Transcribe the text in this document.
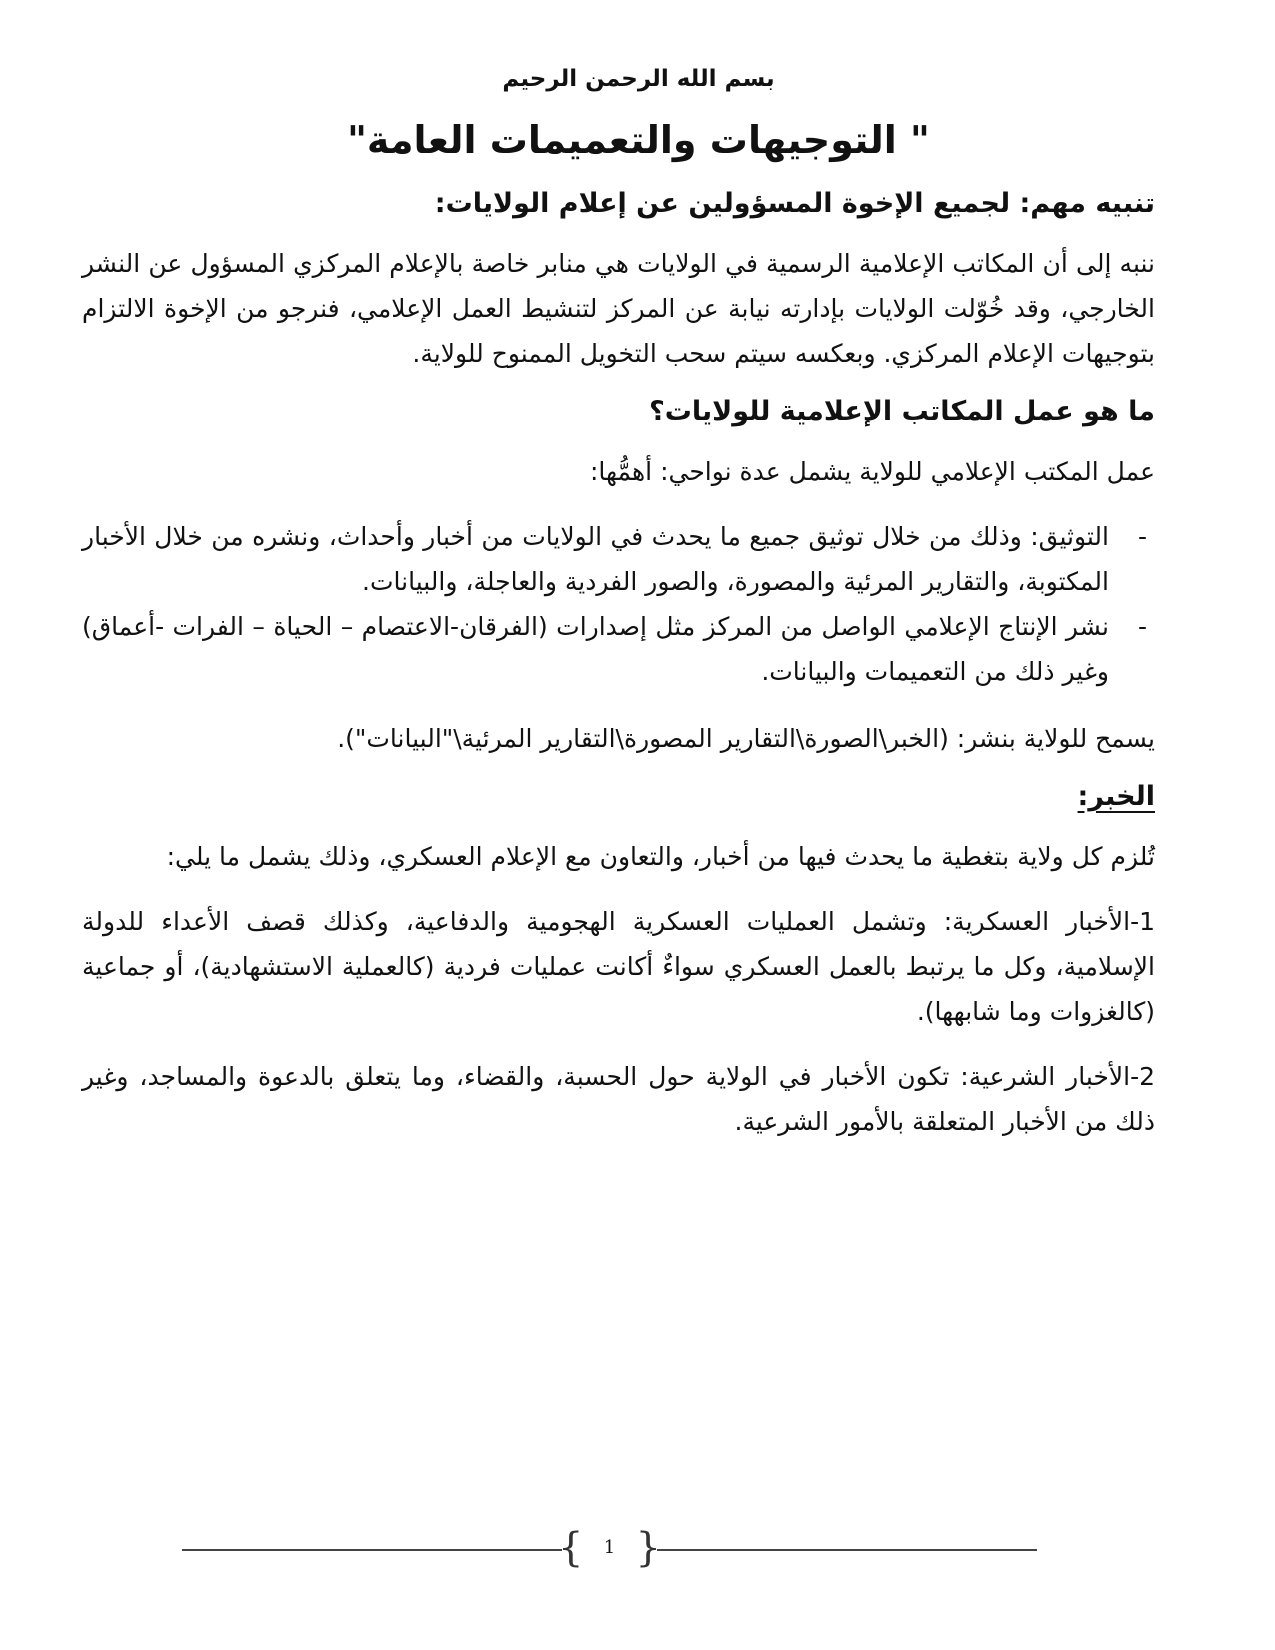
بسم الله الرحمن الرحيم
" التوجيهات والتعميمات العامة"
تنبيه مهم: لجميع الإخوة المسؤولين عن إعلام الولايات:

ننبه إلى أن المكاتب الإعلامية الرسمية في الولايات هي منابر خاصة بالإعلام المركزي المسؤول عن النشر الخارجي، وقد خُوّلت الولايات بإدارته نيابة عن المركز لتنشيط العمل الإعلامي، فنرجو من الإخوة الالتزام بتوجيهات الإعلام المركزي. وبعكسه سيتم سحب التخويل الممنوح للولاية.

ما هو عمل المكاتب الإعلامية للولايات؟

عمل المكتب الإعلامي للولاية يشمل عدة نواحي: أهمُّها:

-
التوثيق: وذلك من خلال توثيق جميع ما يحدث في الولايات من أخبار وأحداث، ونشره من خلال الأخبار المكتوبة، والتقارير المرئية والمصورة، والصور الفردية والعاجلة، والبيانات.
-
نشر الإنتاج الإعلامي الواصل من المركز مثل إصدارات (الفرقان-الاعتصام – الحياة – الفرات -أعماق) وغير ذلك من التعميمات والبيانات.

يسمح للولاية بنشر: (الخبر\الصورة\التقارير المصورة\التقارير المرئية\"البيانات").

الخبر:

تُلزم كل ولاية بتغطية ما يحدث فيها من أخبار، والتعاون مع الإعلام العسكري، وذلك يشمل ما يلي:

1-الأخبار العسكرية: وتشمل العمليات العسكرية الهجومية والدفاعية، وكذلك قصف الأعداء للدولة الإسلامية، وكل ما يرتبط بالعمل العسكري سواءٌ أكانت عمليات فردية (كالعملية الاستشهادية)، أو جماعية (كالغزوات وما شابهها).

2-الأخبار الشرعية: تكون الأخبار في الولاية حول الحسبة، والقضاء، وما يتعلق بالدعوة والمساجد، وغير ذلك من الأخبار المتعلقة بالأمور الشرعية.

{ }
1
